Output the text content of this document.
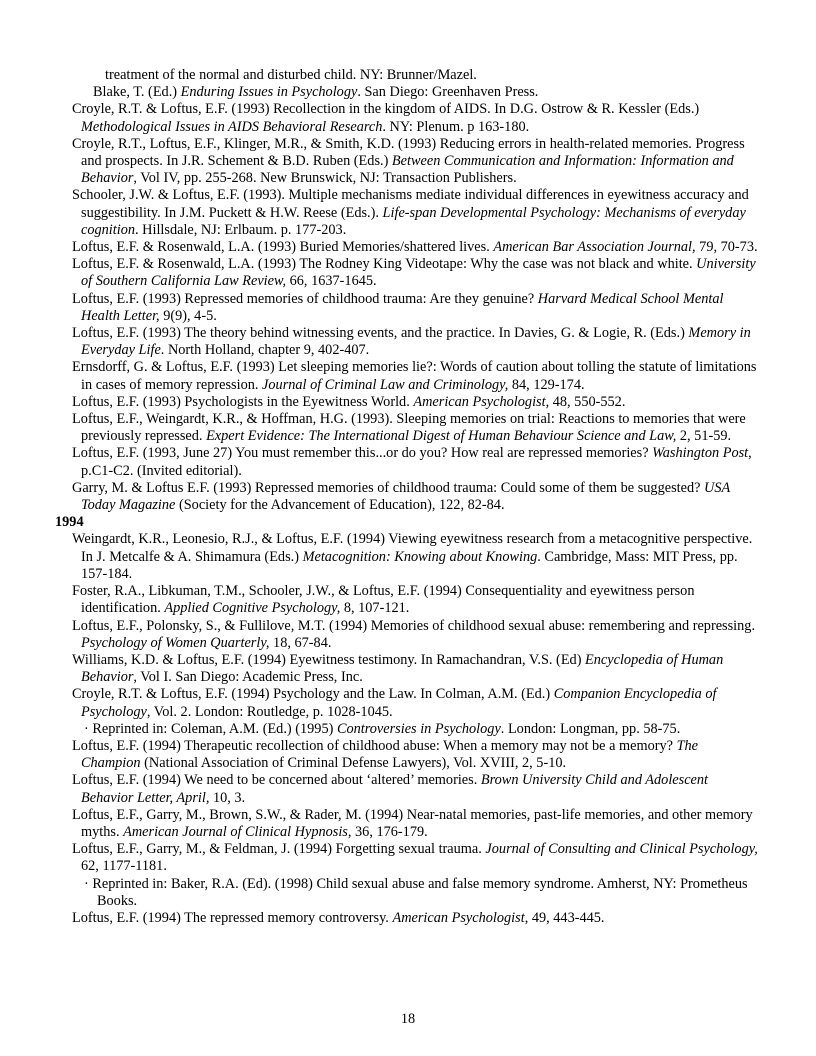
treatment of the normal and disturbed child. NY: Brunner/Mazel.
Blake, T. (Ed.) Enduring Issues in Psychology. San Diego: Greenhaven Press.
Croyle, R.T. & Loftus, E.F. (1993) Recollection in the kingdom of AIDS. In D.G. Ostrow & R. Kessler (Eds.) Methodological Issues in AIDS Behavioral Research. NY: Plenum. p 163-180.
Croyle, R.T., Loftus, E.F., Klinger, M.R., & Smith, K.D. (1993) Reducing errors in health-related memories. Progress and prospects. In J.R. Schement & B.D. Ruben (Eds.) Between Communication and Information: Information and Behavior, Vol IV, pp. 255-268. New Brunswick, NJ: Transaction Publishers.
Schooler, J.W. & Loftus, E.F. (1993). Multiple mechanisms mediate individual differences in eyewitness accuracy and suggestibility. In J.M. Puckett & H.W. Reese (Eds.). Life-span Developmental Psychology: Mechanisms of everyday cognition. Hillsdale, NJ: Erlbaum. p. 177-203.
Loftus, E.F. & Rosenwald, L.A. (1993) Buried Memories/shattered lives. American Bar Association Journal, 79, 70-73.
Loftus, E.F. & Rosenwald, L.A. (1993) The Rodney King Videotape: Why the case was not black and white. University of Southern California Law Review, 66, 1637-1645.
Loftus, E.F. (1993) Repressed memories of childhood trauma: Are they genuine? Harvard Medical School Mental Health Letter, 9(9), 4-5.
Loftus, E.F. (1993) The theory behind witnessing events, and the practice. In Davies, G. & Logie, R. (Eds.) Memory in Everyday Life. North Holland, chapter 9, 402-407.
Ernsdorff, G. & Loftus, E.F. (1993) Let sleeping memories lie?: Words of caution about tolling the statute of limitations in cases of memory repression. Journal of Criminal Law and Criminology, 84, 129-174.
Loftus, E.F. (1993) Psychologists in the Eyewitness World. American Psychologist, 48, 550-552.
Loftus, E.F., Weingardt, K.R., & Hoffman, H.G. (1993). Sleeping memories on trial: Reactions to memories that were previously repressed. Expert Evidence: The International Digest of Human Behaviour Science and Law, 2, 51-59.
Loftus, E.F. (1993, June 27) You must remember this...or do you? How real are repressed memories? Washington Post, p.C1-C2. (Invited editorial).
Garry, M. & Loftus E.F. (1993) Repressed memories of childhood trauma: Could some of them be suggested? USA Today Magazine (Society for the Advancement of Education), 122, 82-84.
1994
Weingardt, K.R., Leonesio, R.J., & Loftus, E.F. (1994) Viewing eyewitness research from a metacognitive perspective. In J. Metcalfe & A. Shimamura (Eds.) Metacognition: Knowing about Knowing. Cambridge, Mass: MIT Press, pp. 157-184.
Foster, R.A., Libkuman, T.M., Schooler, J.W., & Loftus, E.F. (1994) Consequentiality and eyewitness person identification. Applied Cognitive Psychology, 8, 107-121.
Loftus, E.F., Polonsky, S., & Fullilove, M.T. (1994) Memories of childhood sexual abuse: remembering and repressing. Psychology of Women Quarterly, 18, 67-84.
Williams, K.D. & Loftus, E.F. (1994) Eyewitness testimony. In Ramachandran, V.S. (Ed) Encyclopedia of Human Behavior, Vol I. San Diego: Academic Press, Inc.
Croyle, R.T. & Loftus, E.F. (1994) Psychology and the Law. In Colman, A.M. (Ed.) Companion Encyclopedia of Psychology, Vol. 2. London: Routledge, p. 1028-1045.
· Reprinted in: Coleman, A.M. (Ed.) (1995) Controversies in Psychology. London: Longman, pp. 58-75.
Loftus, E.F. (1994) Therapeutic recollection of childhood abuse: When a memory may not be a memory? The Champion (National Association of Criminal Defense Lawyers), Vol. XVIII, 2, 5-10.
Loftus, E.F. (1994) We need to be concerned about ‘altered’ memories. Brown University Child and Adolescent Behavior Letter, April, 10, 3.
Loftus, E.F., Garry, M., Brown, S.W., & Rader, M. (1994) Near-natal memories, past-life memories, and other memory myths. American Journal of Clinical Hypnosis, 36, 176-179.
Loftus, E.F., Garry, M., & Feldman, J. (1994) Forgetting sexual trauma. Journal of Consulting and Clinical Psychology, 62, 1177-1181.
· Reprinted in: Baker, R.A. (Ed). (1998) Child sexual abuse and false memory syndrome. Amherst, NY: Prometheus Books.
Loftus, E.F. (1994) The repressed memory controversy. American Psychologist, 49, 443-445.
18
